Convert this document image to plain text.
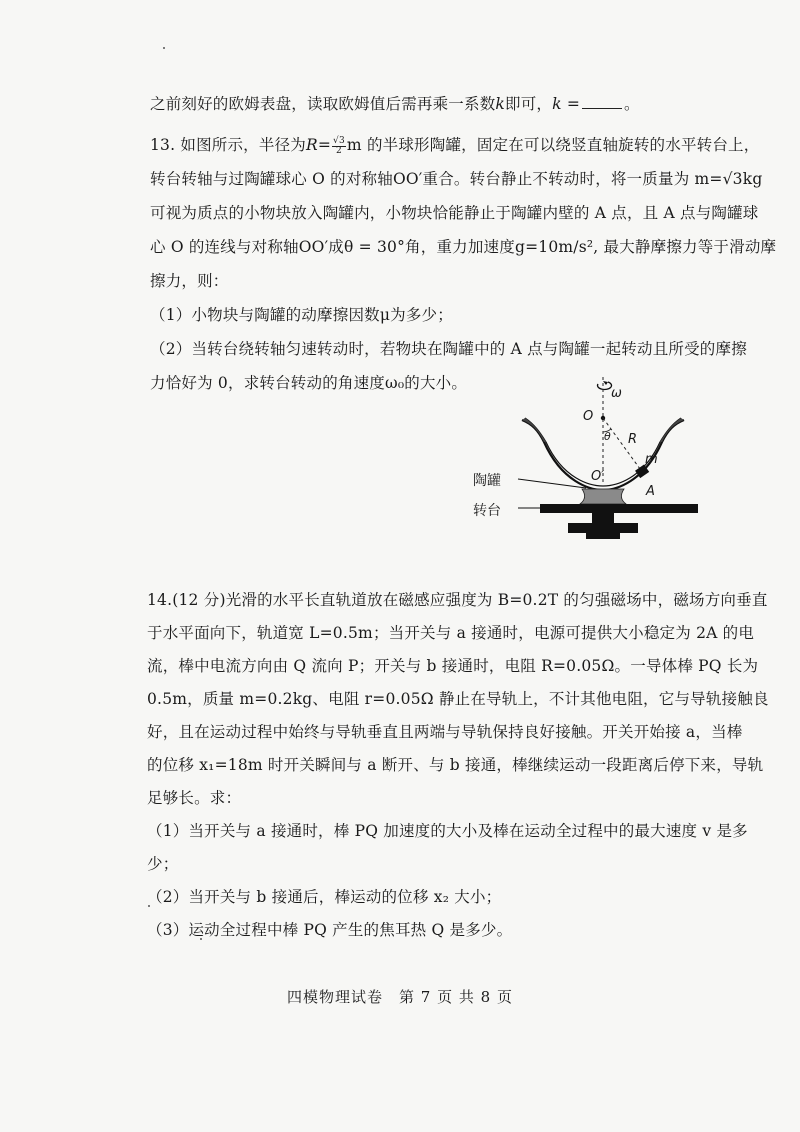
之前刻好的欧姆表盘，读取欧姆值后需再乘一系数k即可，k =	。
13. 如图所示，半径为$R= \frac{√3}{2}$ m 的半球形陶罐，固定在可以绕竖直轴旋转的水平转台上，
转台转轴与过陶罐球心 O 的对称轴OO′重合。转台静止不转动时，将一质量为 m=√3kg
可视为质点的小物块放入陶罐内，小物块恰能静止于陶罐内壁的 A 点，且 A 点与陶罐球
心 O 的连线与对称轴OO′成θ = 30°角，重力加速度g=10m/s², 最大静摩擦力等于滑动摩
擦力，则：
（1）小物块与陶罐的动摩擦因数μ为多少；
（2）当转台绕转轴匀速转动时，若物块在陶罐中的 A 点与陶罐一起转动且所受的摩擦
力恰好为 0，求转台转动的角速度ω₀的大小。
ω
O
θ R
m
O′
A
陶罐
转台
14.(12 分)光滑的水平长直轨道放在磁感应强度为 B=0.2T 的匀强磁场中，磁场方向垂直
于水平面向下，轨道宽 L=0.5m；当开关与 a 接通时，电源可提供大小稳定为 2A 的电
流，棒中电流方向由 Q 流向 P；开关与 b 接通时，电阻 R=0.05Ω。一导体棒 PQ 长为
0.5m，质量 m=0.2kg、电阻 r=0.05Ω 静止在导轨上，不计其他电阻，它与导轨接触良
好，且在运动过程中始终与导轨垂直且两端与导轨保持良好接触。开关开始接 a，当棒
的位移 x₁=18m 时开关瞬间与 a 断开、与 b 接通，棒继续运动一段距离后停下来，导轨
足够长。求：
（1）当开关与 a 接通时，棒 PQ 加速度的大小及棒在运动全过程中的最大速度 v 是多
少；
（2）当开关与 b 接通后，棒运动的位移 x₂ 大小；
（3）运动全过程中棒 PQ 产生的焦耳热 Q 是多少。
四模物理试卷　第 7 页 共 8 页
